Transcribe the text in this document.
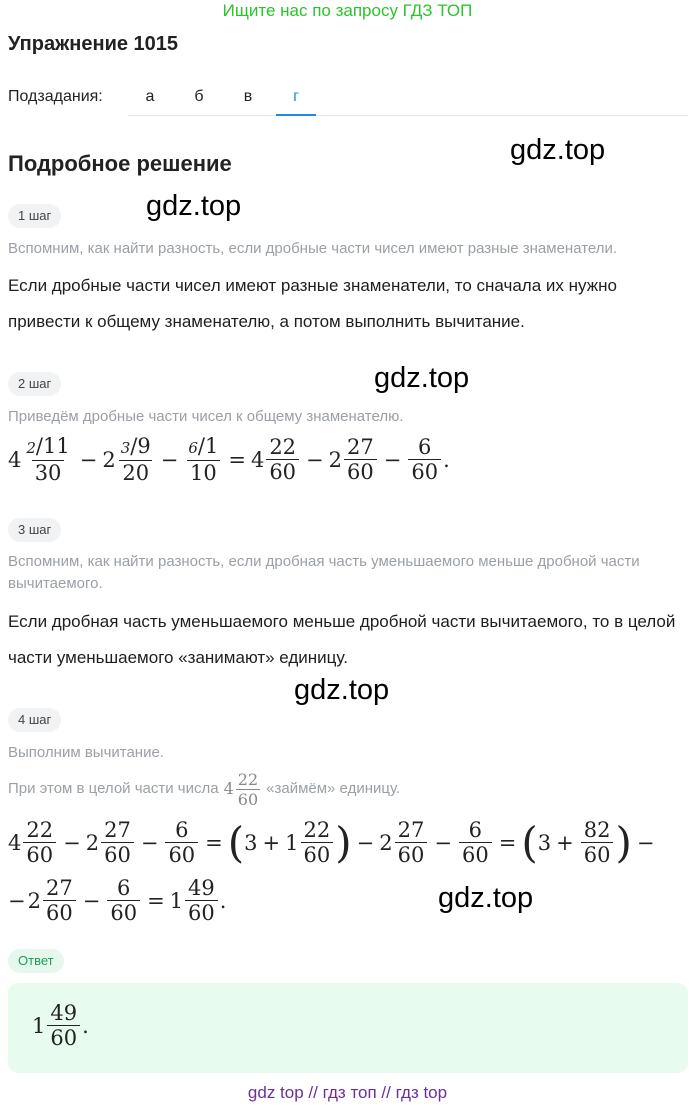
Ищите нас по запросу ГДЗ ТОП
Упражнение 1015
Подзадания:	а	б	в	г
Подробное решение	gdz.top
gdz.top
gdz.top
gdz.top
gdz.top
1 шаг
Вспомним, как найти разность, если дробные части чисел имеют разные знаменатели.
Если дробные части чисел имеют разные знаменатели, то сначала их нужно привести к общему знаменателю, а потом выполнить вычитание.
2 шаг
Приведём дробные части чисел к общему знаменателю.
$4 \frac{2/11}{30} - 2 \frac{3/9}{20} - \frac{6/1}{10} = 4 \frac{22}{60} - 2 \frac{27}{60} - \frac{6}{60}$ .
3 шаг
Вспомним, как найти разность, если дробная часть уменьшаемого меньше дробной части вычитаемого.
Если дробная часть уменьшаемого меньше дробной части вычитаемого, то в целой части уменьшаемого «занимают» единицу.
4 шаг
Выполним вычитание.
При этом в целой части числа $4 \frac{22}{60}$ «займём» единицу.
$4 \frac{22}{60} - 2 \frac{27}{60} - \frac{6}{60}$ = ( $3 + 1 \frac{22}{60}$ ) − $2 \frac{27}{60} - \frac{6}{60}$ = ( $3 + \frac{82}{60}$ ) −
− $2 \frac{27}{60} - \frac{6}{60} = 1 \frac{49}{60}$ .
Ответ
$1 \frac{49}{60}$ .
gdz top // гдз топ // гдз top
